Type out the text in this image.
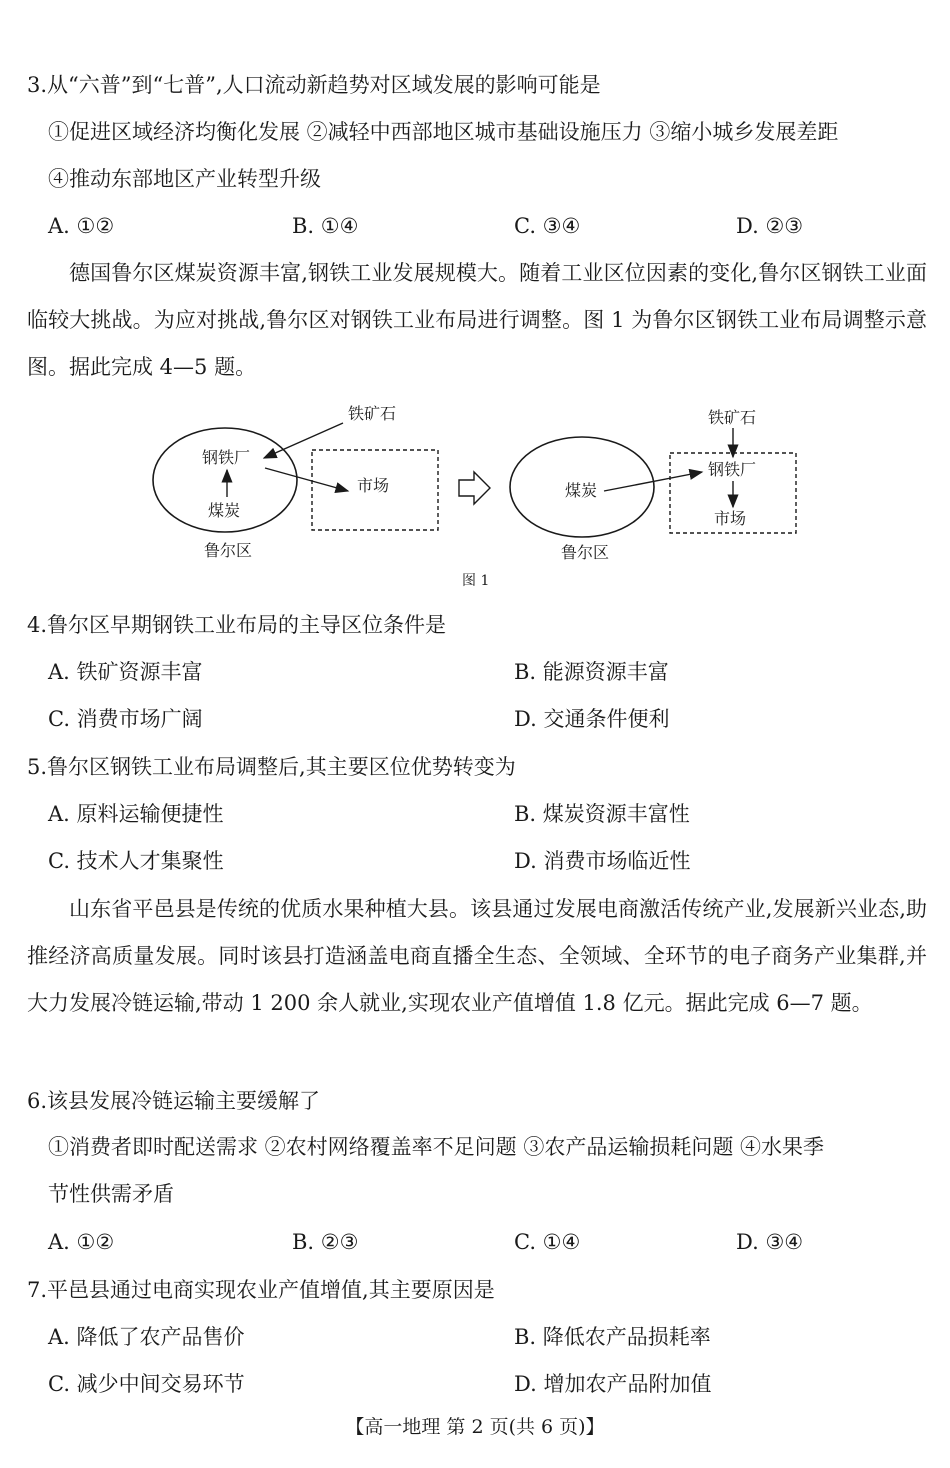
3.从“六普”到“七普”,人口流动新趋势对区域发展的影响可能是
①促进区域经济均衡化发展 ②减轻中西部地区城市基础设施压力 ③缩小城乡发展差距
④推动东部地区产业转型升级
A. ①②	B. ①④	C. ③④	D. ②③

德国鲁尔区煤炭资源丰富,钢铁工业发展规模大。随着工业区位因素的变化,鲁尔区钢铁工业面临较大挑战。为应对挑战,鲁尔区对钢铁工业布局进行调整。图 1 为鲁尔区钢铁工业布局调整示意图。据此完成 4—5 题。

铁矿石
钢铁厂
煤炭
市场
鲁尔区
铁矿石
钢铁厂
煤炭
市场
鲁尔区
图 1
4.鲁尔区早期钢铁工业布局的主导区位条件是
A. 铁矿资源丰富	B. 能源资源丰富
C. 消费市场广阔	D. 交通条件便利
5.鲁尔区钢铁工业布局调整后,其主要区位优势转变为
A. 原料运输便捷性	B. 煤炭资源丰富性
C. 技术人才集聚性	D. 消费市场临近性

山东省平邑县是传统的优质水果种植大县。该县通过发展电商激活传统产业,发展新兴业态,助推经济高质量发展。同时该县打造涵盖电商直播全生态、全领域、全环节的电子商务产业集群,并大力发展冷链运输,带动 1 200 余人就业,实现农业产值增值 1.8 亿元。据此完成 6—7 题。

6.该县发展冷链运输主要缓解了
①消费者即时配送需求 ②农村网络覆盖率不足问题 ③农产品运输损耗问题 ④水果季
节性供需矛盾
A. ①②	B. ②③	C. ①④	D. ③④
7.平邑县通过电商实现农业产值增值,其主要原因是
A. 降低了农产品售价	B. 降低农产品损耗率
C. 减少中间交易环节	D. 增加农产品附加值
【高一地理 第 2 页(共 6 页)】
